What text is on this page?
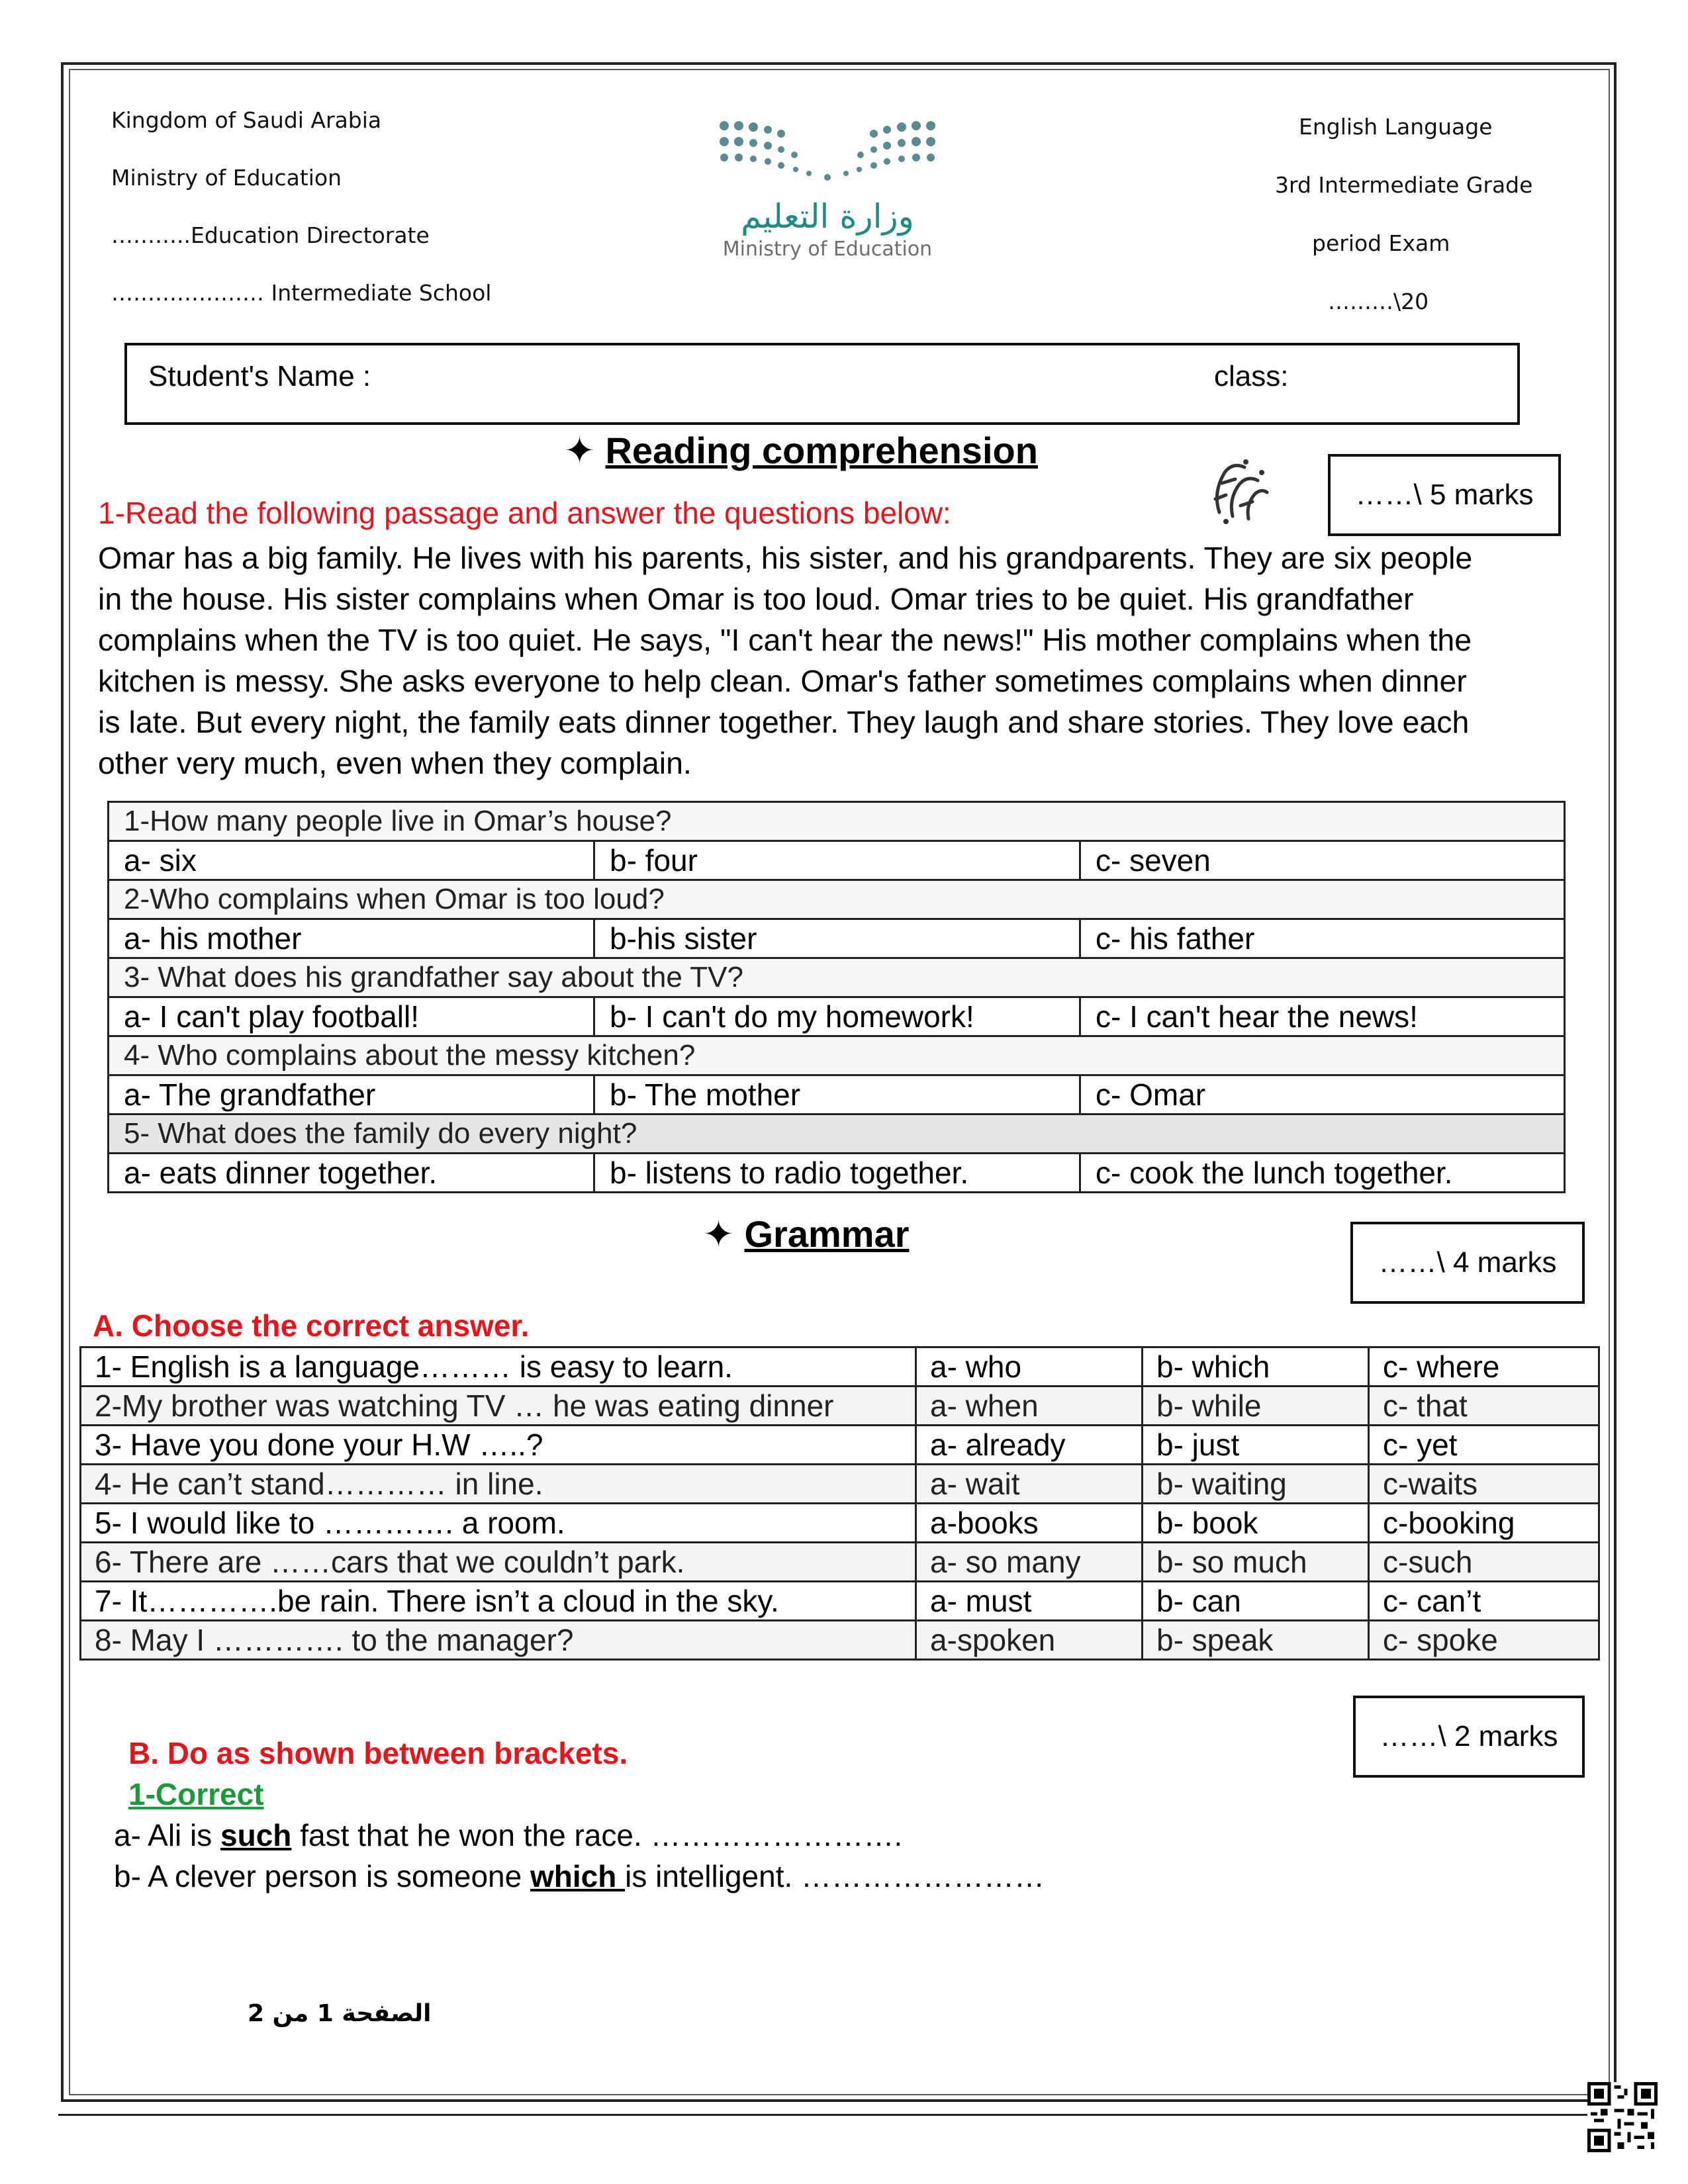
Kingdom of Saudi Arabia
Ministry of Education
………..Education Directorate
………………… Intermediate School
English Language
3rd Intermediate Grade
period Exam
………\20
وزارة التعليم
Ministry of Education
Student's Name :	class:
✦ Reading comprehension
……\ 5 marks
1-Read the following passage and answer the questions below:
Omar has a big family. He lives with his parents, his sister, and his grandparents. They are six people
in the house. His sister complains when Omar is too loud. Omar tries to be quiet. His grandfather
complains when the TV is too quiet. He says, "I can't hear the news!" His mother complains when the
kitchen is messy. She asks everyone to help clean. Omar's father sometimes complains when dinner
is late. But every night, the family eats dinner together. They laugh and share stories. They love each
other very much, even when they complain.
1-How many people live in Omar’s house?		
a- six	b- four	c- seven
2-Who complains when Omar is too loud?		
a- his mother	b-his sister	c- his father
3- What does his grandfather say about the TV?		
a- I can't play football!	b- I can't do my homework!	c- I can't hear the news!
4- Who complains about the messy kitchen?		
a- The grandfather	b- The mother	c- Omar
5- What does the family do every night?		
a- eats dinner together.	b- listens to radio together.	c- cook the lunch together.
✦ Grammar
……\ 4 marks
A. Choose the correct answer.
1- English is a language……… is easy to learn.	a- who	b- which	c- where
2-My brother was watching TV … he was eating dinner	a- when	b- while	c- that
3- Have you done your H.W …..?	a- already	b- just	c- yet
4- He can’t stand………… in line.	a- wait	b- waiting	c-waits
5- I would like to …………. a room.	a-books	b- book	c-booking
6- There are ……cars that we couldn’t park.	a- so many	b- so much	c-such
7- It………….be rain. There isn’t a cloud in the sky.	a- must	b- can	c- can’t
8- May I …………. to the manager?	a-spoken	b- speak	c- spoke
……\ 2 marks
B. Do as shown between brackets.
1-Correct
a- Ali is such fast that he won the race. …………………….
b- A clever person is someone which is intelligent. ……………………
الصفحة 1 من 2
